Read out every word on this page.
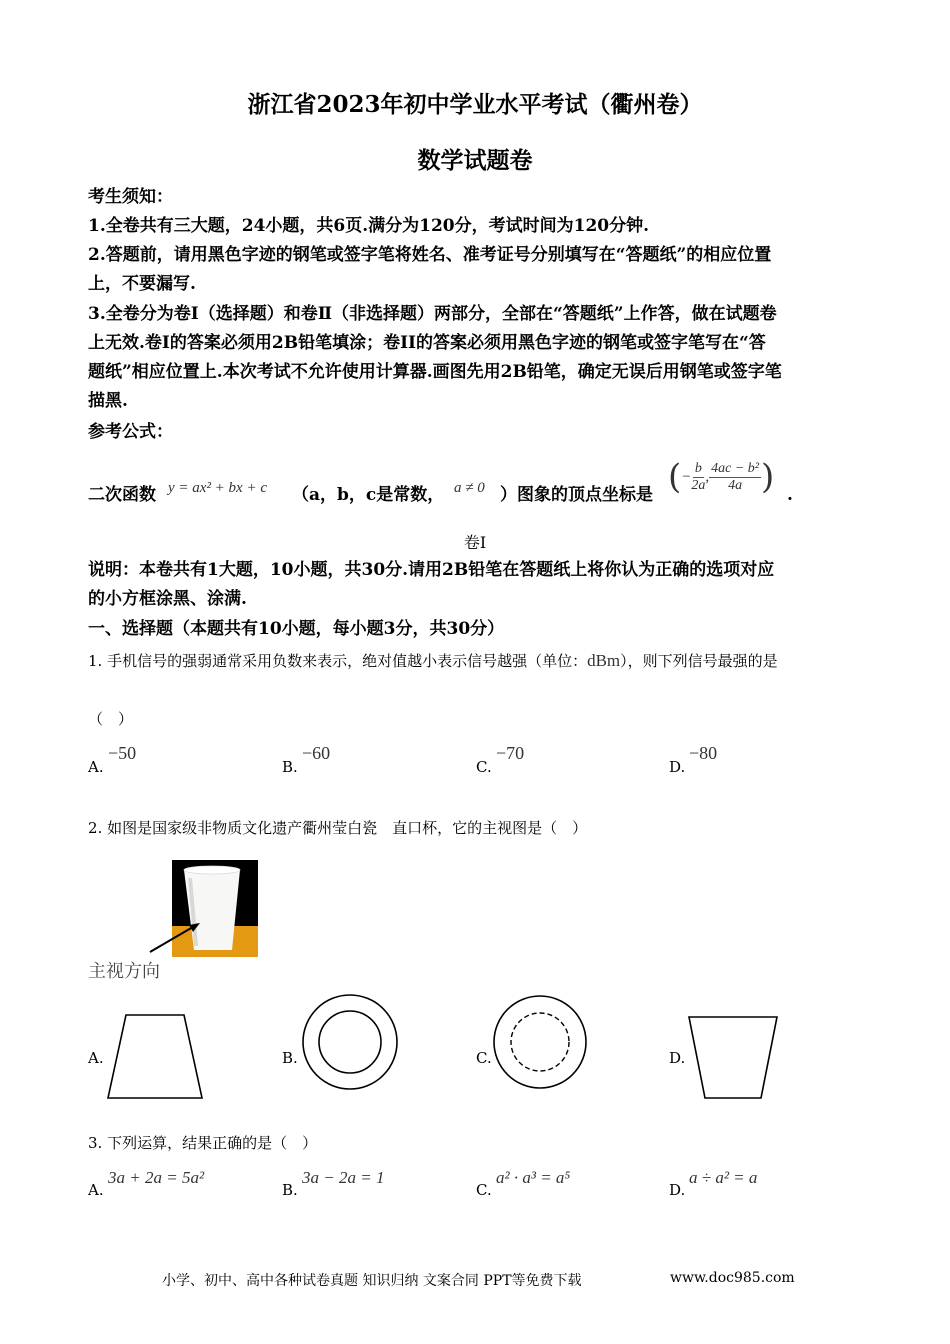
浙江省2023年初中学业水平考试（衢州卷）
数学试题卷
考生须知：
1.全卷共有三大题，24小题，共6页.满分为120分，考试时间为120分钟.
2.答题前，请用黑色字迹的钢笔或签字笔将姓名、准考证号分别填写在“答题纸”的相应位置
上，不要漏写.
3.全卷分为卷Ⅰ（选择题）和卷Ⅱ（非选择题）两部分，全部在“答题纸”上作答，做在试题卷
上无效.卷Ⅰ的答案必须用2B铅笔填涂；卷II的答案必须用黑色字迹的钢笔或签字笔写在“答
题纸”相应位置上.本次考试不允许使用计算器.画图先用2B铅笔，确定无误后用钢笔或签字笔
描黑.
参考公式：
二次函数 y = ax² + bx + c （a，b，c是常数， a ≠ 0 ）图象的顶点坐标是 ( − $\frac{b}{2a}$ , $\frac{\text{4ac − b²}}{4a}$ ) .
卷Ⅰ
说明：本卷共有1大题，10小题，共30分.请用2B铅笔在答题纸上将你认为正确的选项对应
的小方框涂黑、涂满.
一、选择题（本题共有10小题，每小题3分，共30分）
1. 手机信号的强弱通常采用负数来表示，绝对值越小表示信号越强（单位：dBm），则下列信号最强的是
（　）
A.
−50
B.
−60
C.
−70
D.
−80
2. 如图是国家级非物质文化遗产衢州莹白瓷　直口杯，它的主视图是（　）
主视方向
A.	B.	C.	D.
3. 下列运算，结果正确的是（　）
A.
3a + 2a = 5a²
B.
3a − 2a = 1
C.
a² · a³ = a⁵
D.
a ÷ a² = a
小学、初中、高中各种试卷真题 知识归纳 文案合同 PPT等免费下载	www.doc985.com
